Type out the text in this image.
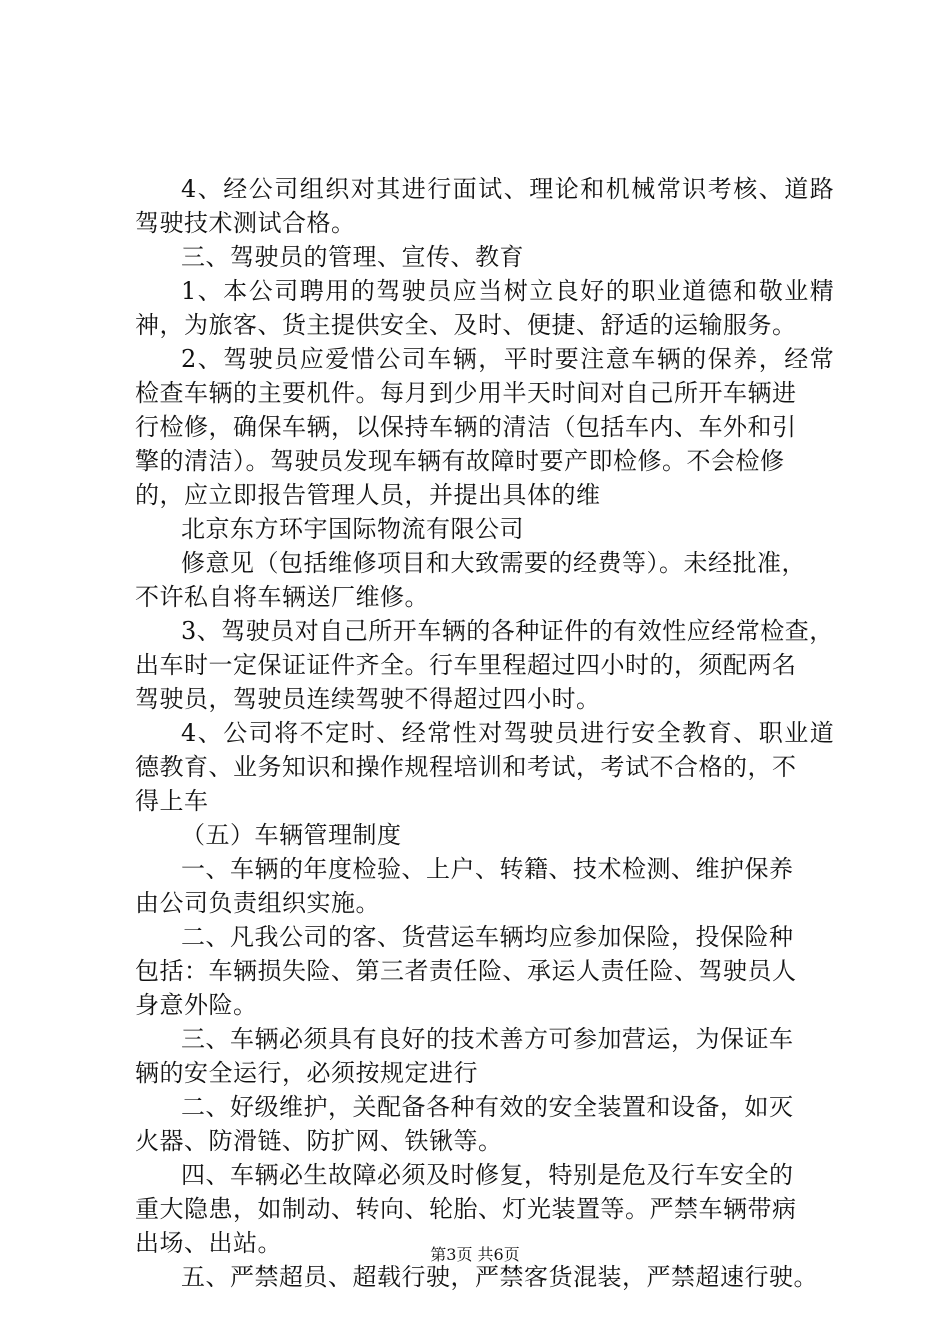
4、经公司组织对其进行面试、理论和机械常识考核、道路
驾驶技术测试合格。
三、驾驶员的管理、宣传、教育
1、本公司聘用的驾驶员应当树立良好的职业道德和敬业精
神，为旅客、货主提供安全、及时、便捷、舒适的运输服务。
2、驾驶员应爱惜公司车辆，平时要注意车辆的保养，经常
检查车辆的主要机件。每月到少用半天时间对自己所开车辆进
行检修，确保车辆，以保持车辆的清洁（包括车内、车外和引
擎的清洁）。驾驶员发现车辆有故障时要产即检修。不会检修
的，应立即报告管理人员，并提出具体的维
北京东方环宇国际物流有限公司
修意见（包括维修项目和大致需要的经费等）。未经批准，
不许私自将车辆送厂维修。
3、驾驶员对自己所开车辆的各种证件的有效性应经常检查，
出车时一定保证证件齐全。行车里程超过四小时的，须配两名
驾驶员，驾驶员连续驾驶不得超过四小时。
4、公司将不定时、经常性对驾驶员进行安全教育、职业道
德教育、业务知识和操作规程培训和考试，考试不合格的，不
得上车
（五）车辆管理制度
一、车辆的年度检验、上户、转籍、技术检测、维护保养
由公司负责组织实施。
二、凡我公司的客、货营运车辆均应参加保险，投保险种
包括：车辆损失险、第三者责任险、承运人责任险、驾驶员人
身意外险。
三、车辆必须具有良好的技术善方可参加营运，为保证车
辆的安全运行，必须按规定进行
二、好级维护，关配备各种有效的安全装置和设备，如灭
火器、防滑链、防扩网、铁锹等。
四、车辆必生故障必须及时修复，特别是危及行车安全的
重大隐患，如制动、转向、轮胎、灯光装置等。严禁车辆带病
出场、出站。
五、严禁超员、超载行驶，严禁客货混装，严禁超速行驶。
第3页 共6页
